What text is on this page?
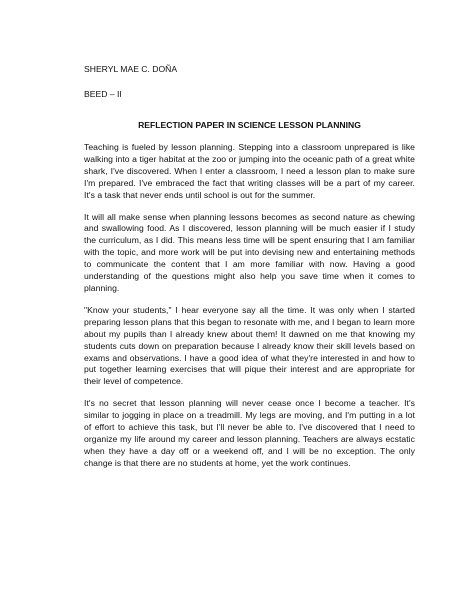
SHERYL MAE C. DOÑA

BEED – II

REFLECTION PAPER IN SCIENCE LESSON PLANNING

Teaching is fueled by lesson planning. Stepping into a classroom unprepared is like walking into a tiger habitat at the zoo or jumping into the oceanic path of a great white shark, I've discovered. When I enter a classroom, I need a lesson plan to make sure I'm prepared. I've embraced the fact that writing classes will be a part of my career. It's a task that never ends until school is out for the summer.

It will all make sense when planning lessons becomes as second nature as chewing and swallowing food. As I discovered, lesson planning will be much easier if I study the curriculum, as I did. This means less time will be spent ensuring that I am familiar with the topic, and more work will be put into devising new and entertaining methods to communicate the content that I am more familiar with now. Having a good understanding of the questions might also help you save time when it comes to planning.

"Know your students," I hear everyone say all the time. It was only when I started preparing lesson plans that this began to resonate with me, and I began to learn more about my pupils than I already knew about them! It dawned on me that knowing my students cuts down on preparation because I already know their skill levels based on exams and observations. I have a good idea of what they're interested in and how to put together learning exercises that will pique their interest and are appropriate for their level of competence.

It's no secret that lesson planning will never cease once I become a teacher. It's similar to jogging in place on a treadmill. My legs are moving, and I'm putting in a lot of effort to achieve this task, but I'll never be able to. I've discovered that I need to organize my life around my career and lesson planning. Teachers are always ecstatic when they have a day off or a weekend off, and I will be no exception. The only change is that there are no students at home, yet the work continues.
